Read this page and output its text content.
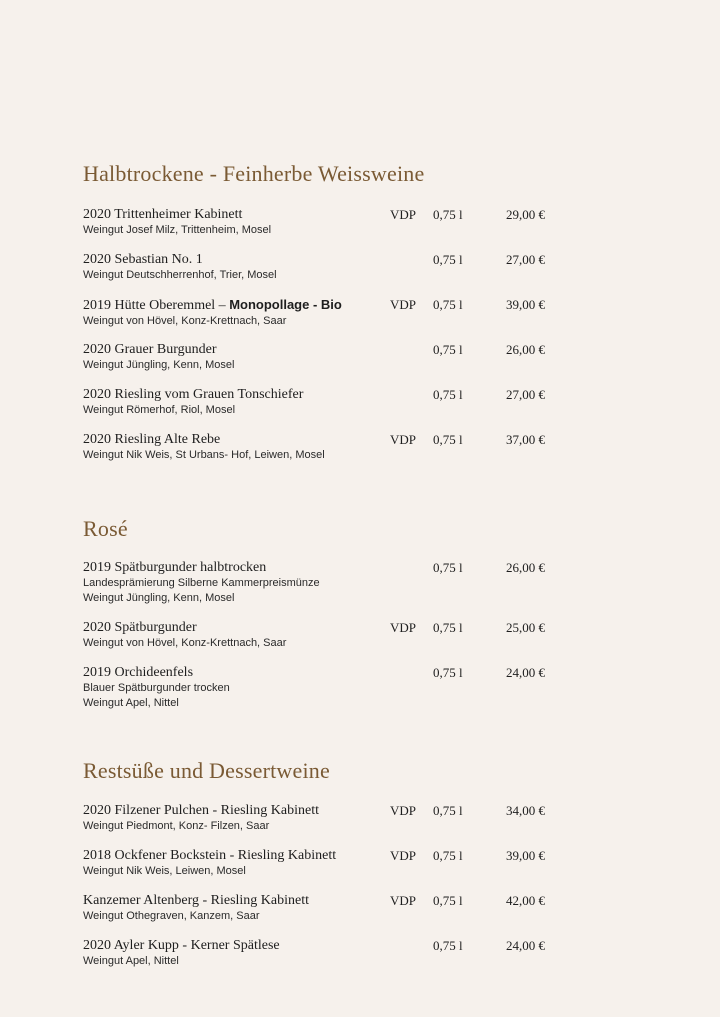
Halbtrockene - Feinherbe Weissweine
2020 Trittenheimer Kabinett
Weingut Josef Milz, Trittenheim, Mosel
VDP 0,75 l	29,00 €
2020 Sebastian No. 1
Weingut Deutschherrenhof, Trier, Mosel
0,75 l	27,00 €
2019 Hütte Oberemmel – Monopollage - Bio
Weingut von Hövel, Konz-Krettnach, Saar
VDP 0,75 l	39,00 €
2020 Grauer Burgunder
Weingut Jüngling, Kenn, Mosel
0,75 l	26,00 €
2020 Riesling vom Grauen Tonschiefer
Weingut Römerhof, Riol, Mosel
0,75 l	27,00 €
2020 Riesling Alte Rebe
Weingut Nik Weis, St Urbans- Hof, Leiwen, Mosel
VDP 0,75 l	37,00 €
Rosé
2019 Spätburgunder halbtrocken
Landesprämierung Silberne Kammerpreismünze
Weingut Jüngling, Kenn, Mosel
0,75 l	26,00 €
2020 Spätburgunder
Weingut von Hövel, Konz-Krettnach, Saar
VDP 0,75 l	25,00 €
2019 Orchideenfels
Blauer Spätburgunder trocken
Weingut Apel, Nittel
0,75 l	24,00 €
Restsüße und Dessertweine
2020 Filzener Pulchen - Riesling Kabinett
Weingut Piedmont, Konz- Filzen, Saar
VDP 0,75 l	34,00 €
2018 Ockfener Bockstein - Riesling Kabinett
Weingut Nik Weis, Leiwen, Mosel
VDP 0,75 l	39,00 €
Kanzemer Altenberg - Riesling Kabinett
Weingut Othegraven, Kanzem, Saar
VDP 0,75 l	42,00 €
2020 Ayler Kupp - Kerner Spätlese
Weingut Apel, Nittel
0,75 l	24,00 €
